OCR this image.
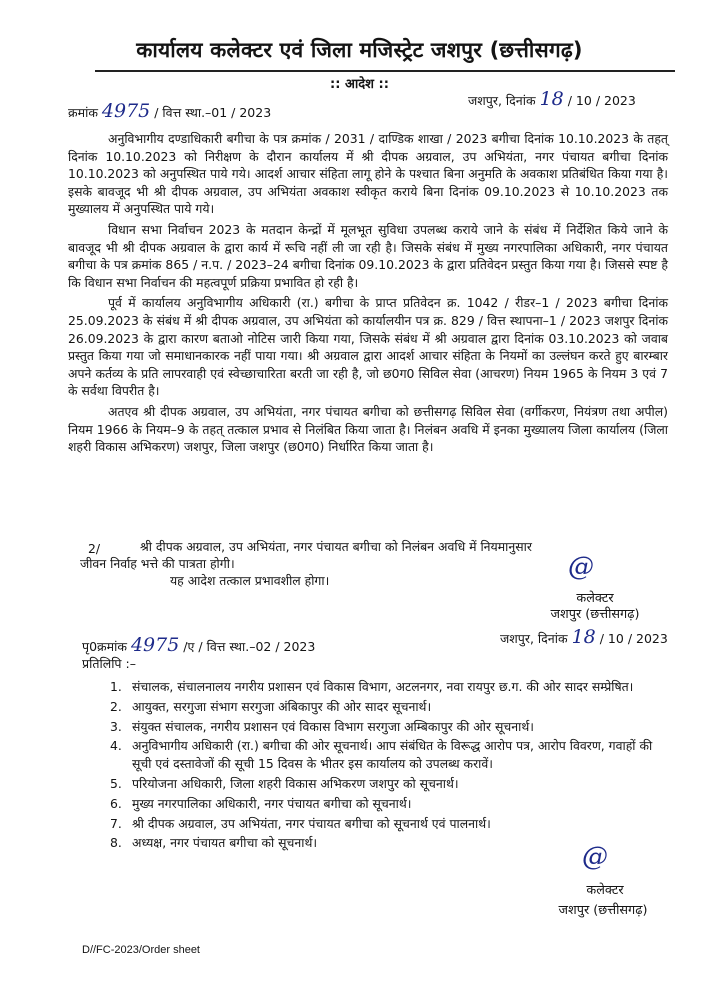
कार्यालय कलेक्टर एवं जिला मजिस्ट्रेट जशपुर (छत्तीसगढ़)
:: आदेश ::
क्रमांक 4975 / वित्त स्था.–01 / 2023
जशपुर, दिनांक 18 / 10 / 2023

अनुविभागीय दण्डाधिकारी बगीचा के पत्र क्रमांक / 2031 / दाण्डिक शाखा / 2023 बगीचा दिनांक 10.10.2023 के तहत् दिनांक 10.10.2023 को निरीक्षण के दौरान कार्यालय में श्री दीपक अग्रवाल, उप अभियंता, नगर पंचायत बगीचा दिनांक 10.10.2023 को अनुपस्थित पाये गये। आदर्श आचार संहिता लागू होने के पश्चात बिना अनुमति के अवकाश प्रतिबंधित किया गया है। इसके बावजूद भी श्री दीपक अग्रवाल, उप अभियंता अवकाश स्वीकृत कराये बिना दिनांक 09.10.2023 से 10.10.2023 तक मुख्यालय में अनुपस्थित पाये गये।

विधान सभा निर्वाचन 2023 के मतदान केन्द्रों में मूलभूत सुविधा उपलब्ध कराये जाने के संबंध में निर्देशित किये जाने के बावजूद भी श्री दीपक अग्रवाल के द्वारा कार्य में रूचि नहीं ली जा रही है। जिसके संबंध में मुख्य नगरपालिका अधिकारी, नगर पंचायत बगीचा के पत्र क्रमांक 865 / न.प. / 2023–24 बगीचा दिनांक 09.10.2023 के द्वारा प्रतिवेदन प्रस्तुत किया गया है। जिससे स्पष्ट है कि विधान सभा निर्वाचन की महत्वपूर्ण प्रक्रिया प्रभावित हो रही है।

पूर्व में कार्यालय अनुविभागीय अधिकारी (रा.) बगीचा के प्राप्त प्रतिवेदन क्र. 1042 / रीडर–1 / 2023 बगीचा दिनांक 25.09.2023 के संबंध में श्री दीपक अग्रवाल, उप अभियंता को कार्यालयीन पत्र क्र. 829 / वित्त स्थापना–1 / 2023 जशपुर दिनांक 26.09.2023 के द्वारा कारण बताओ नोटिस जारी किया गया, जिसके संबंध में श्री अग्रवाल द्वारा दिनांक 03.10.2023 को जवाब प्रस्तुत किया गया जो समाधानकारक नहीं पाया गया। श्री अग्रवाल द्वारा आदर्श आचार संहिता के नियमों का उल्लंघन करते हुए बारम्बार अपने कर्तव्य के प्रति लापरवाही एवं स्वेच्छाचारिता बरती जा रही है, जो छ0ग0 सिविल सेवा (आचरण) नियम 1965 के नियम 3 एवं 7 के सर्वथा विपरीत है।

अतएव श्री दीपक अग्रवाल, उप अभियंता, नगर पंचायत बगीचा को छत्तीसगढ़ सिविल सेवा (वर्गीकरण, नियंत्रण तथा अपील) नियम 1966 के नियम–9 के तहत् तत्काल प्रभाव से निलंबित किया जाता है। निलंबन अवधि में इनका मुख्यालय जिला कार्यालय (जिला शहरी विकास अभिकरण) जशपुर, जिला जशपुर (छ0ग0) निर्धारित किया जाता है।

श्री दीपक अग्रवाल, उप अभियंता, नगर पंचायत बगीचा को निलंबन अवधि में नियमानुसार
2/
जीवन निर्वाह भत्ते की पात्रता होगी।
यह आदेश तत्काल प्रभावशील होगा।	@
कलेक्टर
जशपुर (छत्तीसगढ़)
जशपुर, दिनांक 18 / 10 / 2023
पृ0क्रमांक 4975 /ए / वित्त स्था.–02 / 2023
प्रतिलिपि :–
1. संचालक, संचालनालय नगरीय प्रशासन एवं विकास विभाग, अटलनगर, नवा रायपुर छ.ग. की ओर सादर सम्प्रेषित।
2. आयुक्त, सरगुजा संभाग सरगुजा अंबिकापुर की ओर सादर सूचनार्थ।
3. संयुक्त संचालक, नगरीय प्रशासन एवं विकास विभाग सरगुजा अम्बिकापुर की ओर सूचनार्थ।
4. अनुविभागीय अधिकारी (रा.) बगीचा की ओर सूचनार्थ। आप संबंधित के विरूद्ध आरोप पत्र, आरोप विवरण, गवाहों की सूची एवं दस्तावेजों की सूची 15 दिवस के भीतर इस कार्यालय को उपलब्ध करावें।
5. परियोजना अधिकारी, जिला शहरी विकास अभिकरण जशपुर को सूचनार्थ।
6. मुख्य नगरपालिका अधिकारी, नगर पंचायत बगीचा को सूचनार्थ।
7. श्री दीपक अग्रवाल, उप अभियंता, नगर पंचायत बगीचा को सूचनार्थ एवं पालनार्थ।
8. अध्यक्ष, नगर पंचायत बगीचा को सूचनार्थ।	@
कलेक्टर
जशपुर (छत्तीसगढ़)
D//FC-2023/Order sheet
